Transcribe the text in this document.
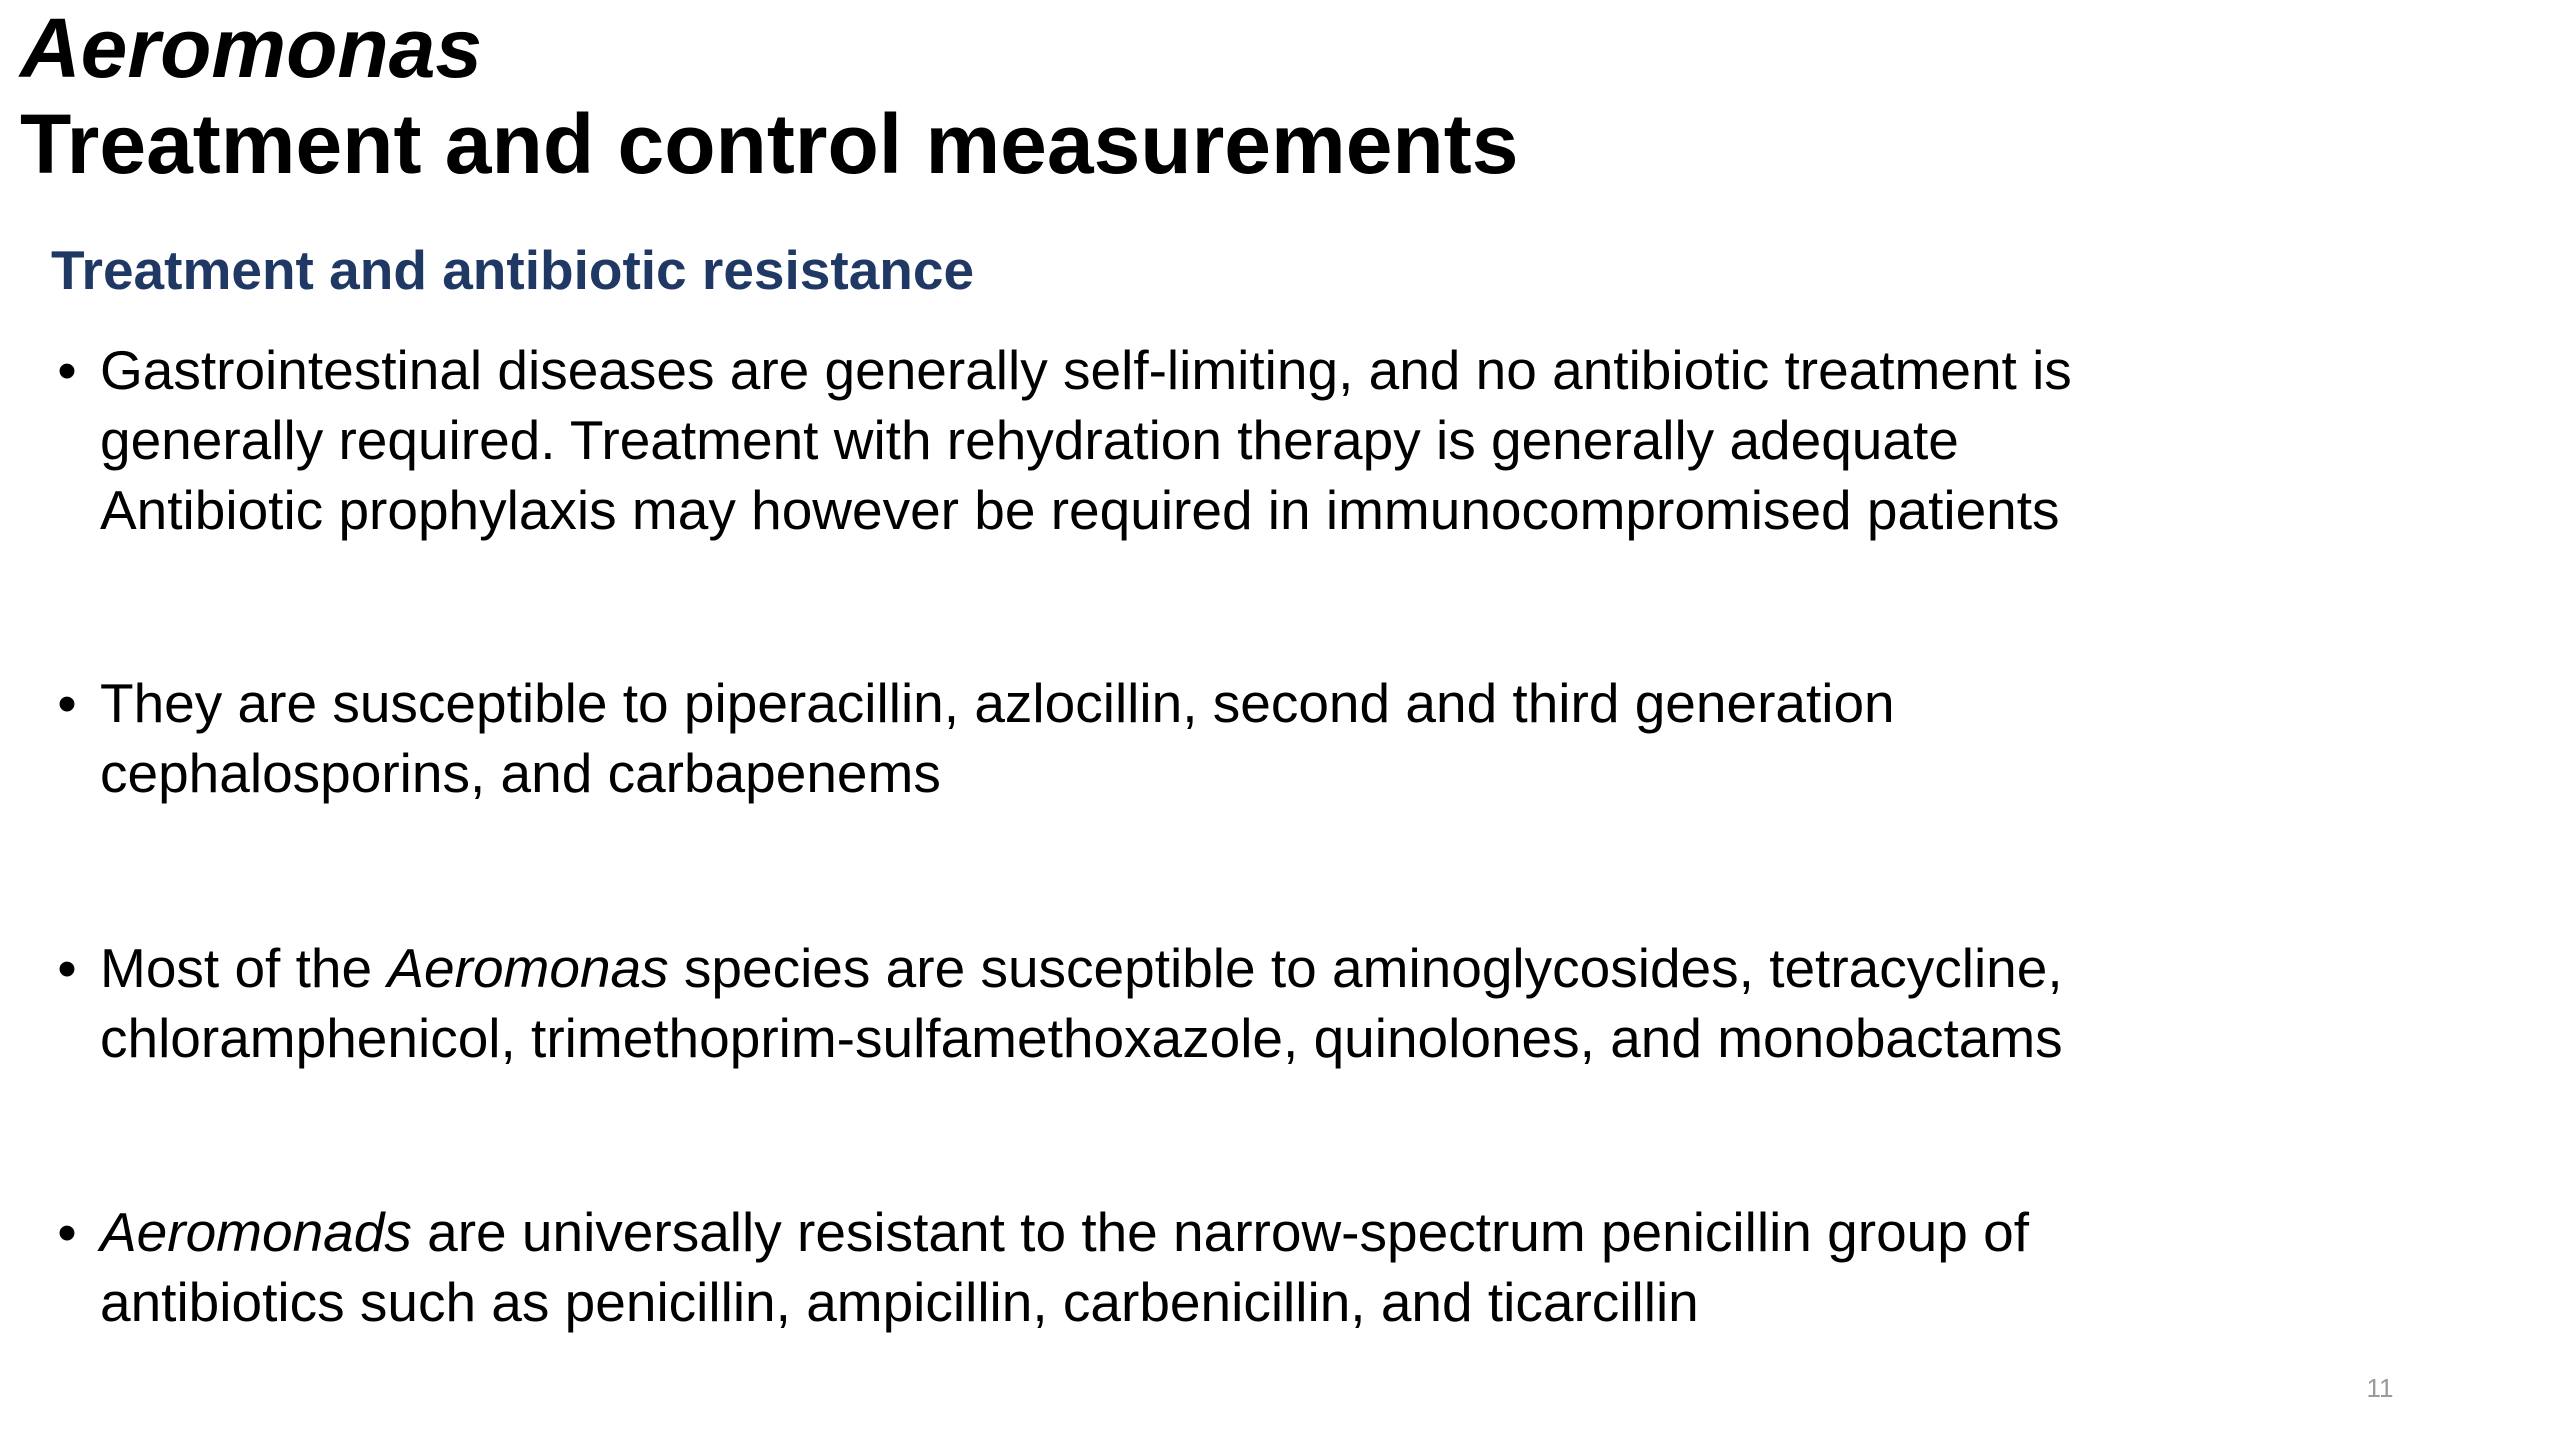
Aeromonas
Treatment and control measurements
Treatment and antibiotic resistance
• Gastrointestinal diseases are generally self-limiting, and no antibiotic treatment is
generally required. Treatment with rehydration therapy is generally adequate
Antibiotic prophylaxis may however be required in immunocompromised patients
• They are susceptible to piperacillin, azlocillin, second and third generation
cephalosporins, and carbapenems
• Most of the Aeromonas species are susceptible to aminoglycosides, tetracycline,
chloramphenicol, trimethoprim-sulfamethoxazole, quinolones, and monobactams
• Aeromonads are universally resistant to the narrow-spectrum penicillin group of
antibiotics such as penicillin, ampicillin, carbenicillin, and ticarcillin
11
